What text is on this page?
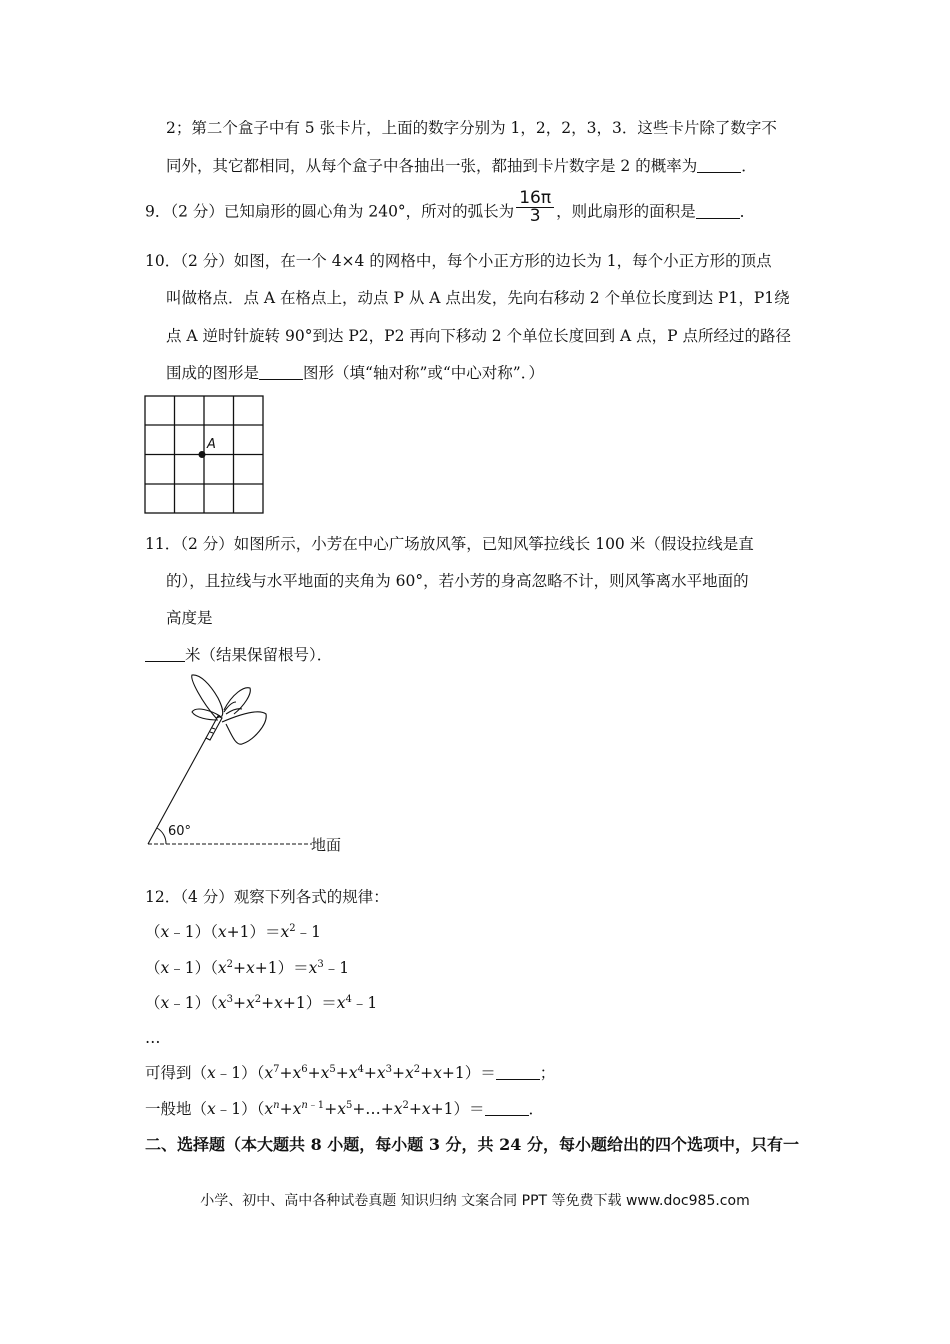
2；第二个盒子中有 5 张卡片，上面的数字分别为 1，2，2，3，3．这些卡片除了数字不
同外，其它都相同，从每个盒子中各抽出一张，都抽到卡片数字是 2 的概率为	．
9．（2 分）已知扇形的圆心角为 240°，所对的弧长为 $\frac{16\pi}{3}$ ，则此扇形的面积是	．
10．（2 分）如图，在一个 4×4 的网格中，每个小正方形的边长为 1，每个小正方形的顶点
叫做格点．点 A 在格点上，动点 P 从 A 点出发，先向右移动 2 个单位长度到达 P1，P1绕
点 A 逆时针旋转 90°到达 P2，P2 再向下移动 2 个单位长度回到 A 点，P 点所经过的路径
围成的图形是	图形（填“轴对称”或“中心对称”．）
A
11．（2 分）如图所示，小芳在中心广场放风筝，已知风筝拉线长 100 米（假设拉线是直
的），且拉线与水平地面的夹角为 60°，若小芳的身高忽略不计，则风筝离水平地面的
高度是
米（结果保留根号）．
60°
地面
12．（4 分）观察下列各式的规律：
$(x﹣1)(x+1)=x^2﹣1$
$(x﹣1)(x^2+x+1)=x^3﹣1$
$(x﹣1)(x^3+x^2+x+1)=x^4﹣1$
…
可得到$(x﹣1)(x^7+x^6+x^5+x^4+x^3+x^2+x+1)=$	；
一般地$(x﹣1)(x^n+x^{n﹣1}+x^5+\dots+x^2+x+1)=$	．
二、选择题（本大题共 8 小题，每小题 3 分，共 24 分，每小题给出的四个选项中，只有一
小学、初中、高中各种试卷真题 知识归纳 文案合同 PPT 等免费下载 www.doc985.com
